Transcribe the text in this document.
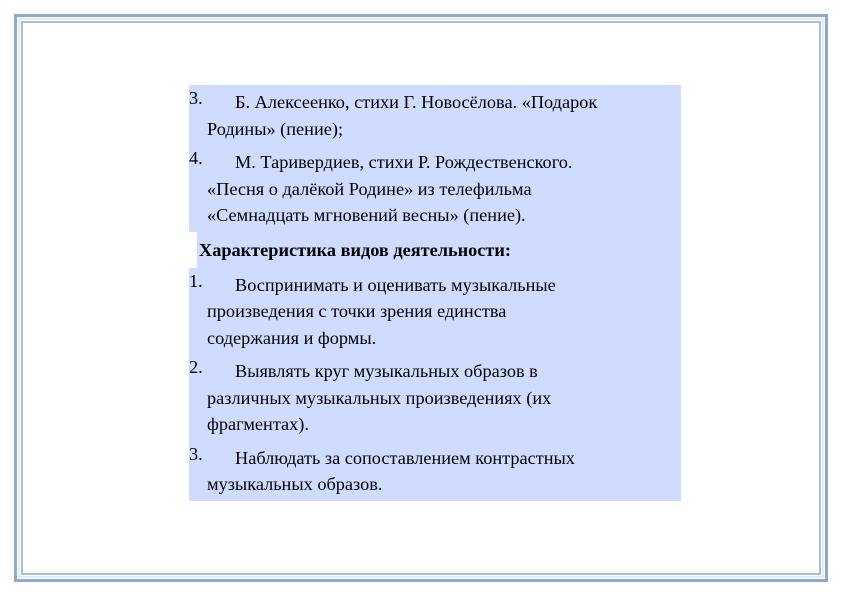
3.	Б. Алексеенко, стихи Г. Новосёлова. «Подарок
Родины» (пение);
4.	М. Таривердиев, стихи Р. Рождественского.
«Песня о далёкой Родине» из телефильма
«Семнадцать мгновений весны» (пение).
Характеристика видов деятельности:
1.	Воспринимать и оценивать музыкальные
произведения с точки зрения единства
содержания и формы.
2.	Выявлять круг музыкальных образов в
различных музыкальных произведениях (их
фрагментах).
3.	Наблюдать за сопоставлением контрастных
музыкальных образов.
